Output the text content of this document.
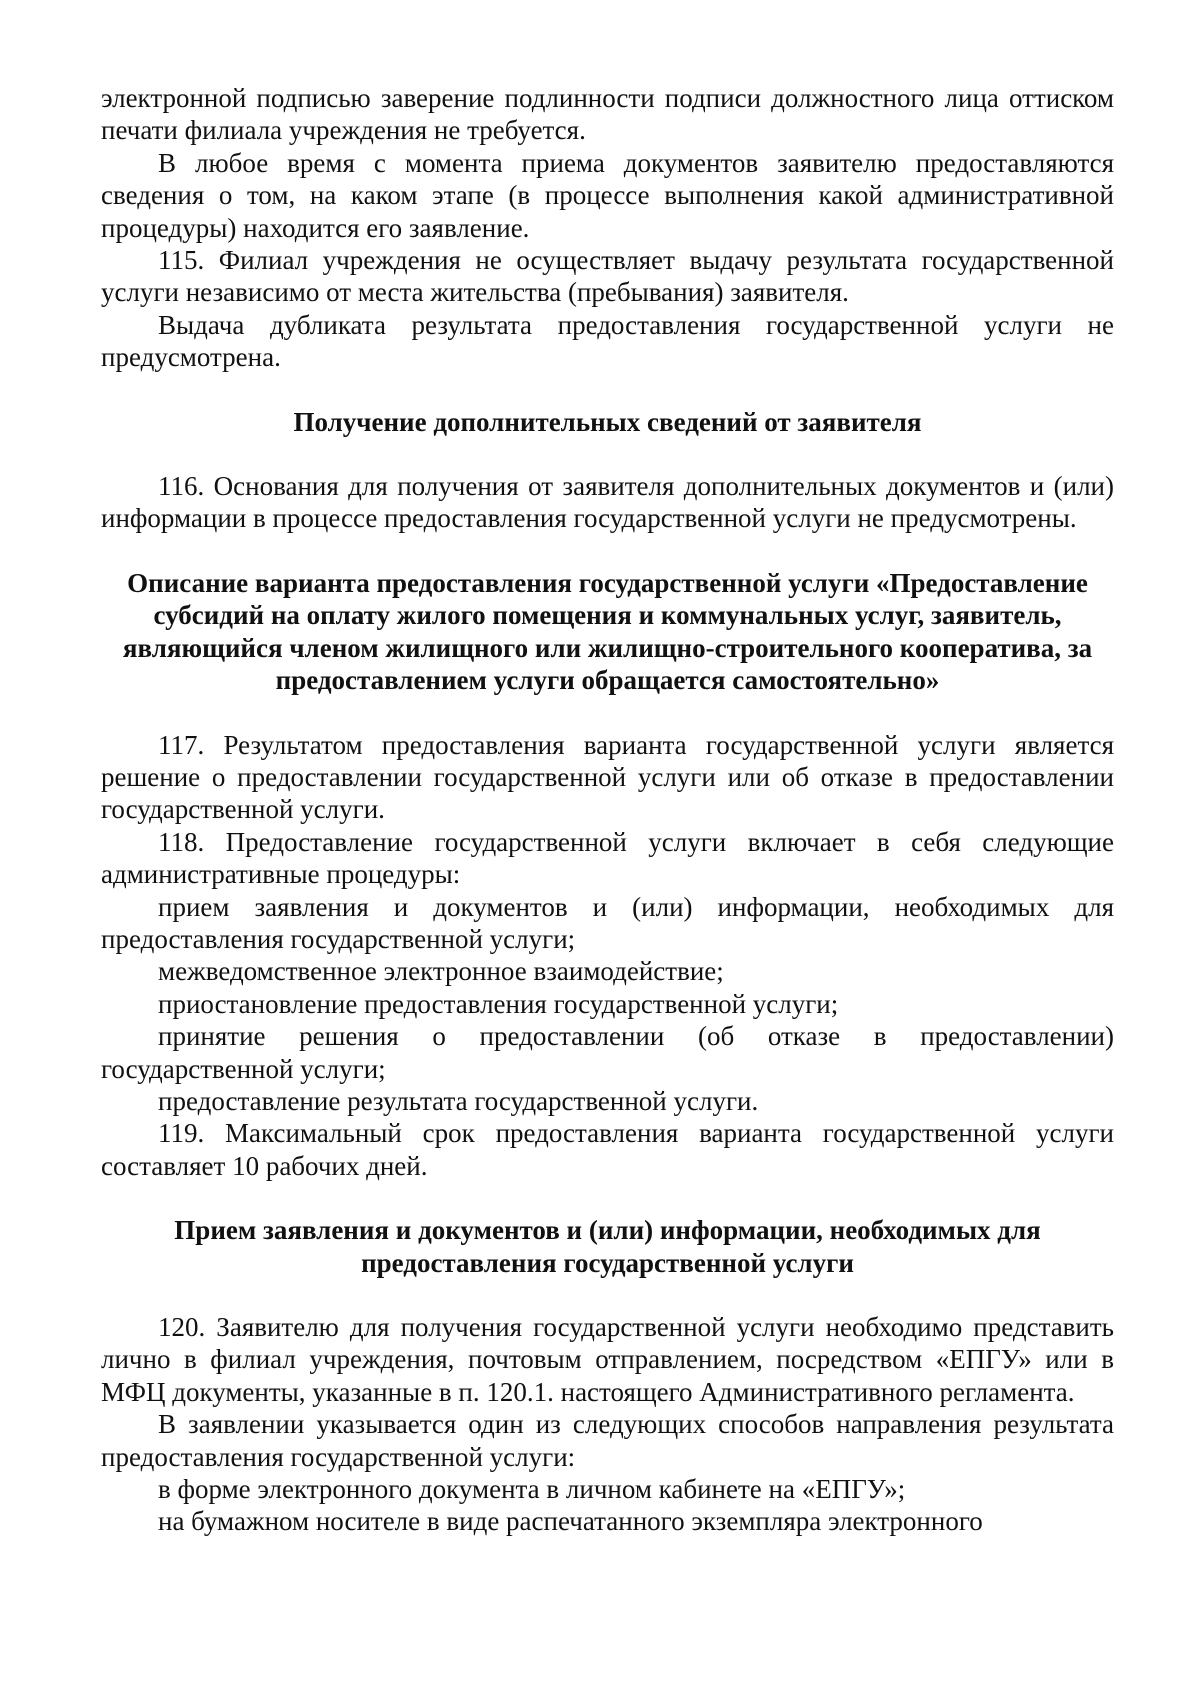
электронной подписью заверение подлинности подписи должностного лица оттиском печати филиала учреждения не требуется.

В любое время с момента приема документов заявителю предоставляются сведения о том, на каком этапе (в процессе выполнения какой административной процедуры) находится его заявление.

115. Филиал учреждения не осуществляет выдачу результата государственной услуги независимо от места жительства (пребывания) заявителя.

Выдача дубликата результата предоставления государственной услуги не предусмотрена.

Получение дополнительных сведений от заявителя

116. Основания для получения от заявителя дополнительных документов и (или) информации в процессе предоставления государственной услуги не предусмотрены.

Описание варианта предоставления государственной услуги «Предоставление субсидий на оплату жилого помещения и коммунальных услуг, заявитель, являющийся членом жилищного или жилищно-строительного кооператива, за предоставлением услуги обращается самостоятельно»

117. Результатом предоставления варианта государственной услуги является решение о предоставлении государственной услуги или об отказе в предоставлении государственной услуги.

118. Предоставление государственной услуги включает в себя следующие административные процедуры:

прием заявления и документов и (или) информации, необходимых для предоставления государственной услуги;

межведомственное электронное взаимодействие;

приостановление предоставления государственной услуги;

принятие решения о предоставлении (об отказе в предоставлении) государственной услуги;

предоставление результата государственной услуги.

119. Максимальный срок предоставления варианта государственной услуги составляет 10 рабочих дней.

Прием заявления и документов и (или) информации, необходимых для предоставления государственной услуги

120. Заявителю для получения государственной услуги необходимо представить лично в филиал учреждения, почтовым отправлением, посредством «ЕПГУ» или в МФЦ документы, указанные в п. 120.1. настоящего Административного регламента.

В заявлении указывается один из следующих способов направления результата предоставления государственной услуги:

в форме электронного документа в личном кабинете на «ЕПГУ»;

на бумажном носителе в виде распечатанного экземпляра электронного
